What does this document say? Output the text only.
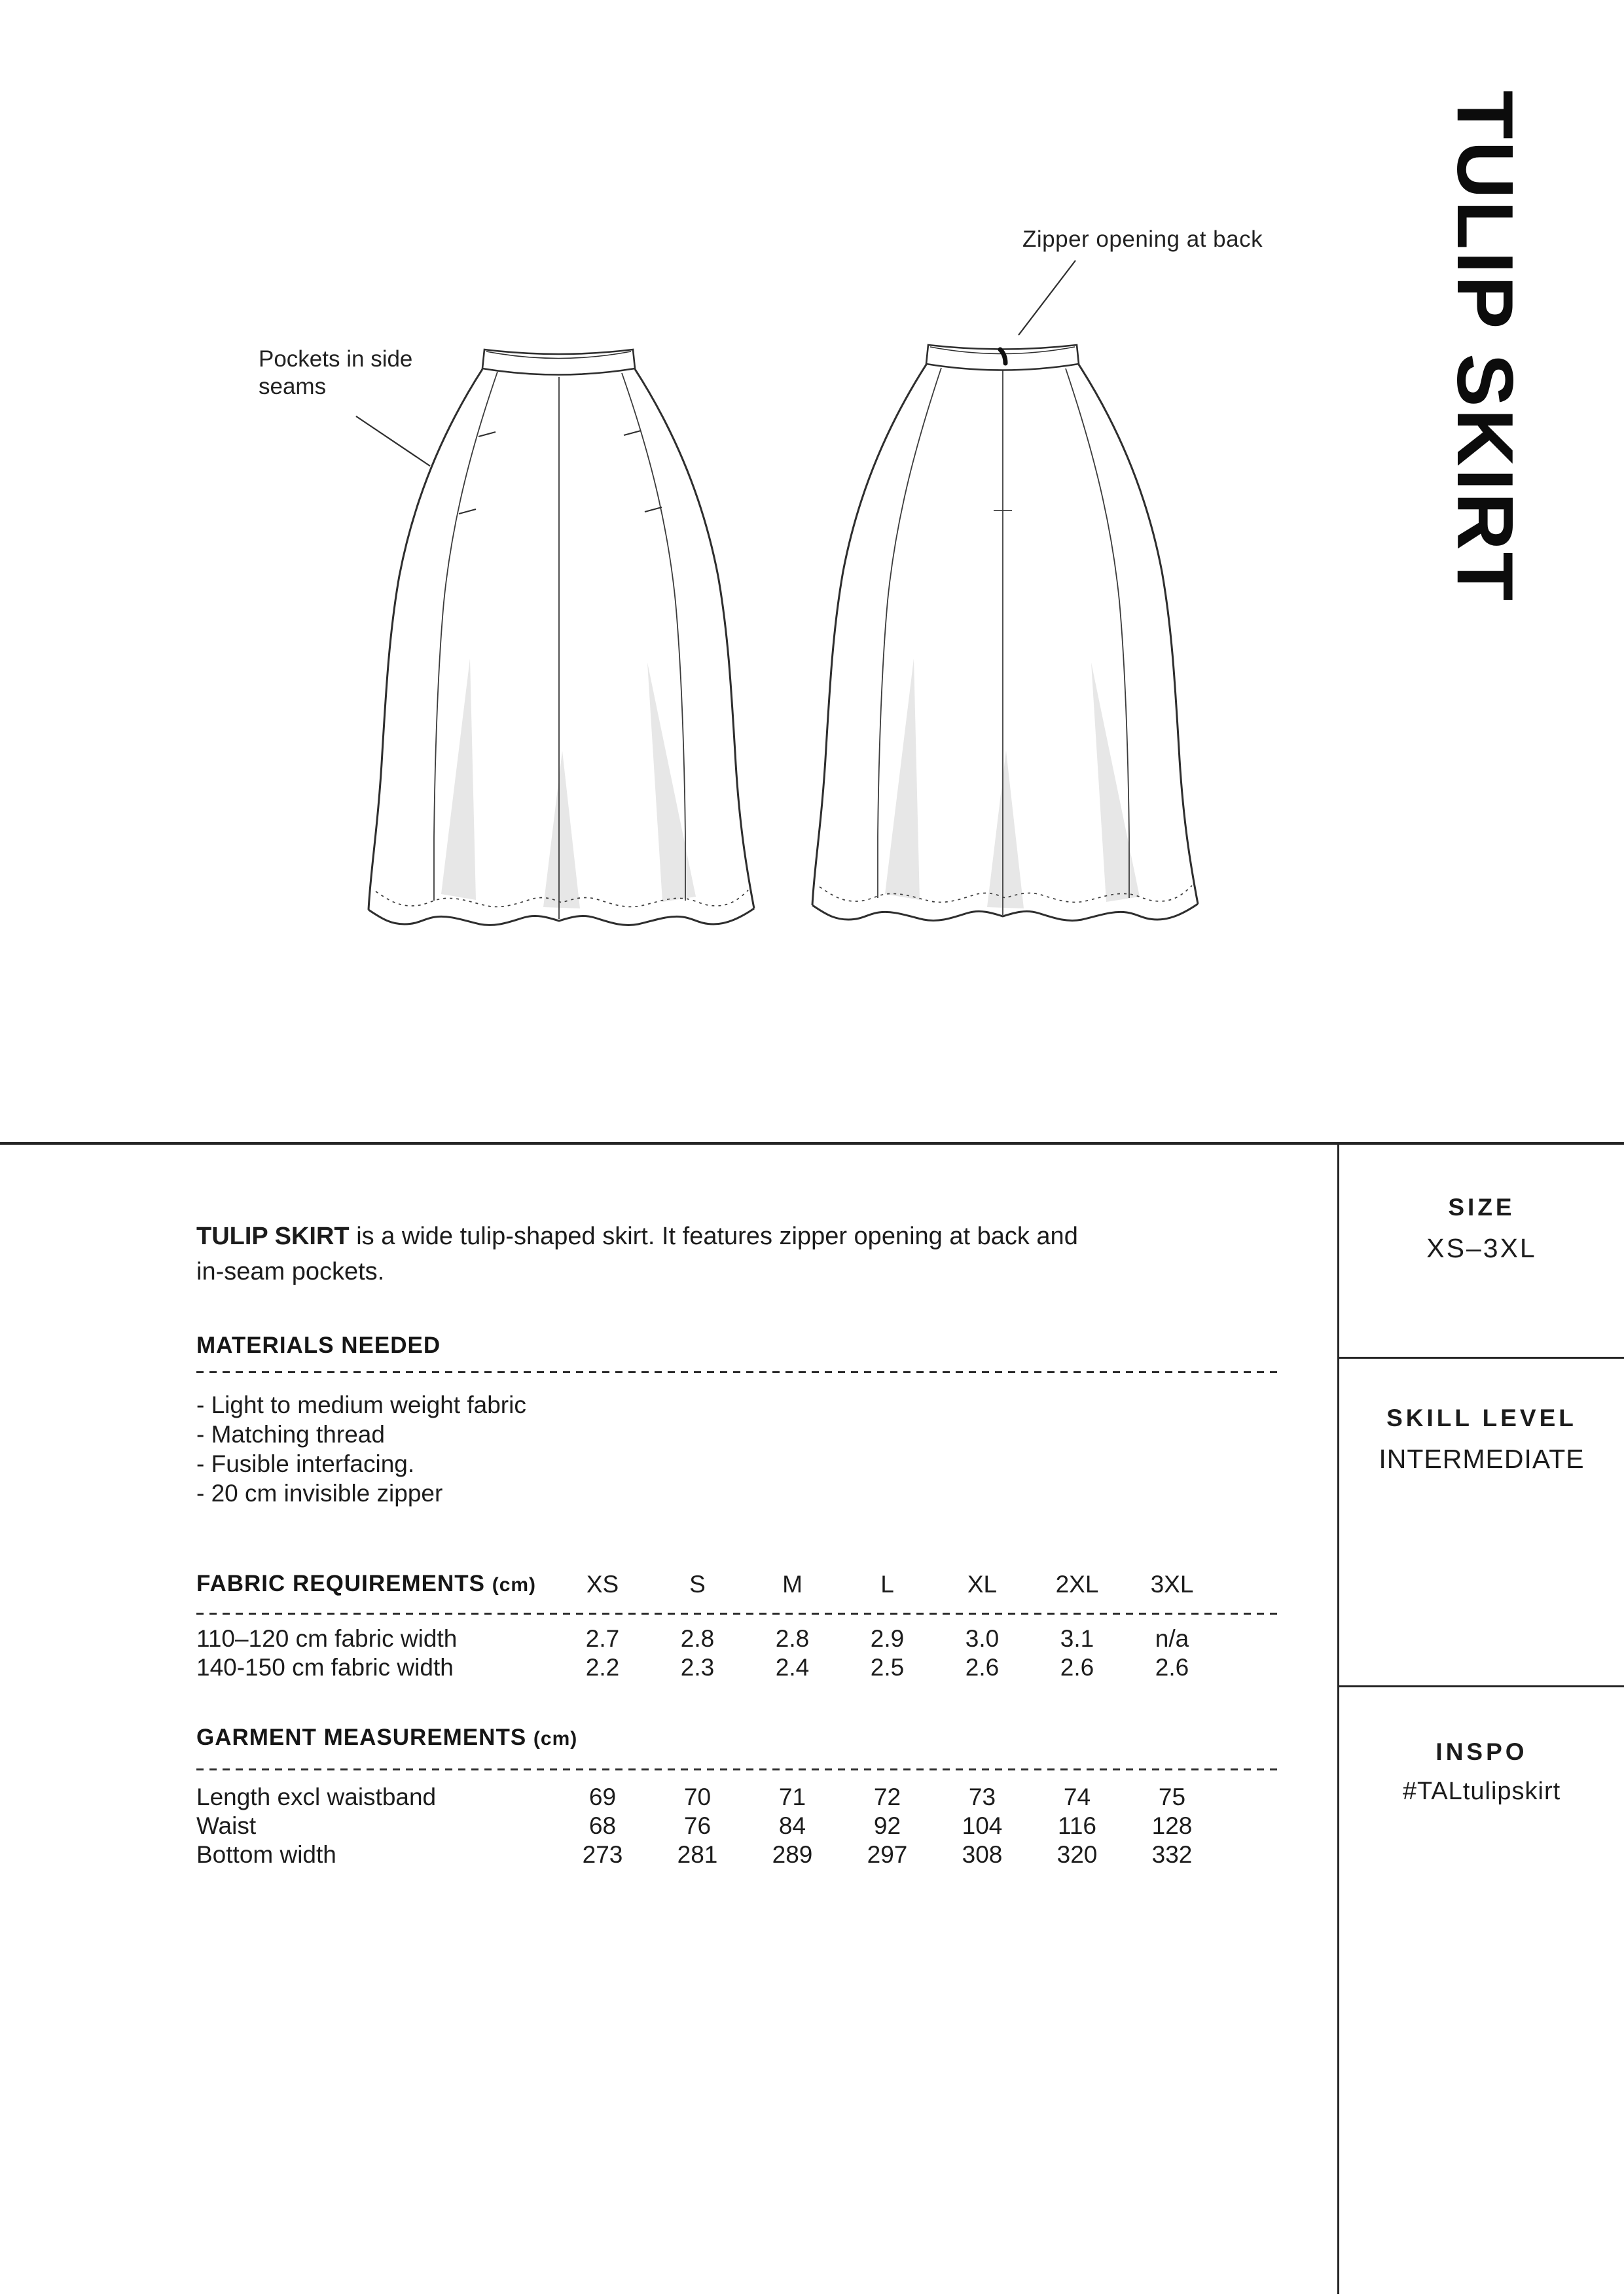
Pockets in side
seams
Zipper opening at back TULIP SKIRT
TULIP SKIRT is a wide tulip-shaped skirt. It features zipper opening at back and
in-seam pockets.
MATERIALS NEEDED
- Light to medium weight fabric
- Matching thread
- Fusible interfacing.
- 20 cm invisible zipper
FABRIC REQUIREMENTS (cm)	XS	S	M	L	XL	2XL	3XL
110–120 cm fabric width	2.7	2.8	2.8	2.9	3.0	3.1	n/a
140-150 cm fabric width	2.2	2.3	2.4	2.5	2.6	2.6	2.6
GARMENT MEASUREMENTS (cm)
Length excl waistband	69	70	71	72	73	74	75
Waist	68	76	84	92	104	116	128
Bottom width	273	281	289	297	308	320	332
SIZE
XS–3XL
SKILL LEVEL
INTERMEDIATE
INSPO
#TALtulipskirt
